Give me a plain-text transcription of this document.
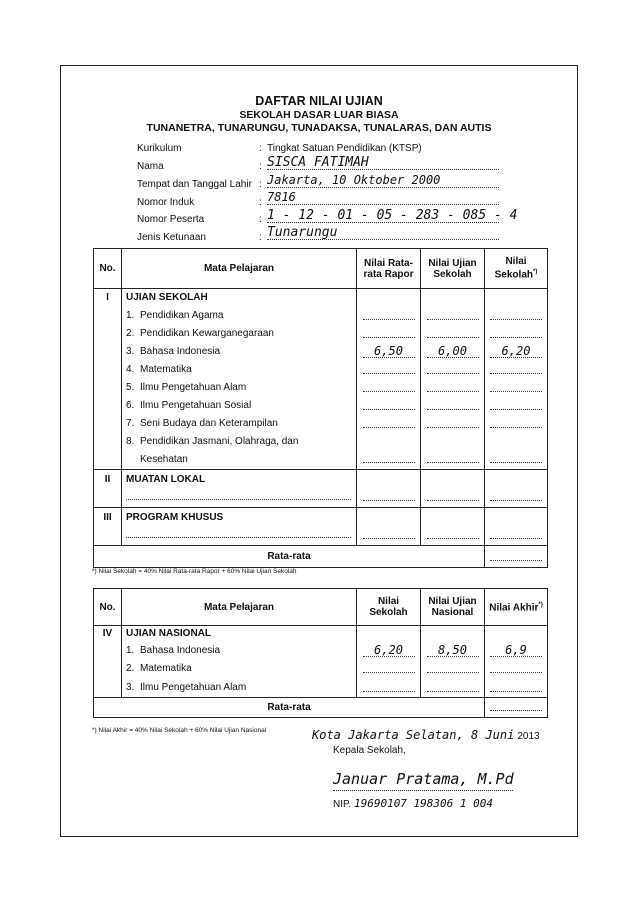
DAFTAR NILAI UJIAN
SEKOLAH DASAR LUAR BIASA
TUNANETRA, TUNARUNGU, TUNADAKSA, TUNALARAS, DAN AUTIS
Kurikulum	: Tingkat Satuan Pendidikan (KTSP)
Nama	: SISCA FATIMAH
Tempat dan Tanggal Lahir : Jakarta, 10 Oktober 2000
Nomor Induk	: 7816
Nomor Peserta	: 1 - 12 - 01 - 05 - 283 - 085 - 4
Jenis Ketunaan	: Tunarungu
No.	Mata Pelajaran	Nilai Rata-rata Rapor	Nilai Ujian Sekolah	Nilai Sekolah*)
I	UJIAN SEKOLAH			
	1. Pendidikan Agama			
	2. Pendidikan Kewarganegaraan			
	3. Bahasa Indonesia	6,50	6,00	6,20
	4. Matematika			
	5. Ilmu Pengetahuan Alam			
	6. Ilmu Pengetahuan Sosial			
	7. Seni Budaya dan Keterampilan			
	8. Pendidikan Jasmani, Olahraga, dan
Kesehatan			
II	MUATAN LOKAL			

III	PROGRAM KHUSUS			

Rata-rata				
*) Nilai Sekolah = 40% Nilai Rata-rata Rapor + 60% Nilai Ujian Sekolah
No.	Mata Pelajaran	Nilai Sekolah	Nilai Ujian Nasional	Nilai Akhir*)
IV	UJIAN NASIONAL			
	1. Bahasa Indonesia	6,20	8,50	6,9
	2. Matematika			
	3. Ilmu Pengetahuan Alam			
Rata-rata				
*) Nilai Akhir = 40% Nilai Sekolah + 60% Nilai Ujian Nasional	Kota Jakarta Selatan, 8 Juni 2013
Kepala Sekolah,
Januar Pratama, M.Pd
NIP. 19690107 198306 1 004
